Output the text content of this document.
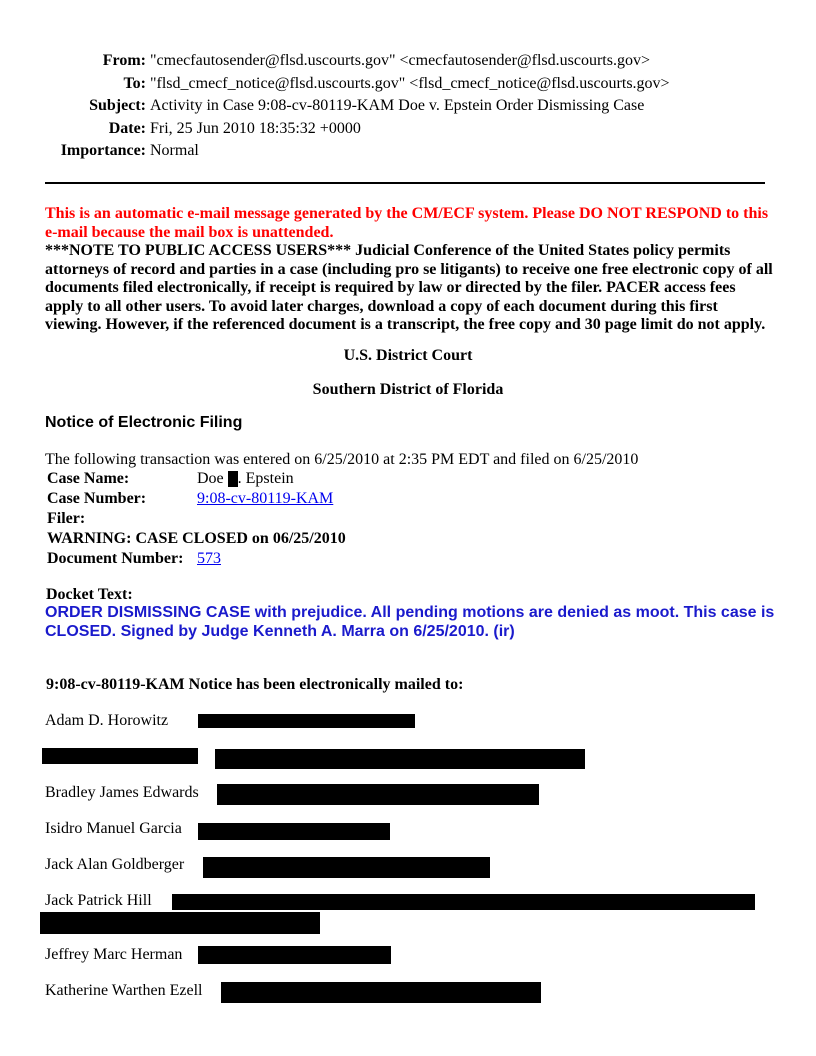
From: "cmecfautosender@flsd.uscourts.gov" <cmecfautosender@flsd.uscourts.gov>
To: "flsd_cmecf_notice@flsd.uscourts.gov" <flsd_cmecf_notice@flsd.uscourts.gov>
Subject: Activity in Case 9:08-cv-80119-KAM Doe v. Epstein Order Dismissing Case
Date: Fri, 25 Jun 2010 18:35:32 +0000
Importance: Normal
This is an automatic e-mail message generated by the CM/ECF system. Please DO NOT RESPOND to this e-mail because the mail box is unattended.
***NOTE TO PUBLIC ACCESS USERS*** Judicial Conference of the United States policy permits attorneys of record and parties in a case (including pro se litigants) to receive one free electronic copy of all documents filed electronically, if receipt is required by law or directed by the filer. PACER access fees apply to all other users. To avoid later charges, download a copy of each document during this first viewing. However, if the referenced document is a transcript, the free copy and 30 page limit do not apply.
U.S. District Court
Southern District of Florida
Notice of Electronic Filing
The following transaction was entered on 6/25/2010 at 2:35 PM EDT and filed on 6/25/2010
Case Name:	Doe . Epstein
Case Number:	9:08-cv-80119-KAM
Filer:
WARNING: CASE CLOSED on 06/25/2010
Document Number: 573
Docket Text:
ORDER DISMISSING CASE with prejudice. All pending motions are denied as moot. This case is CLOSED. Signed by Judge Kenneth A. Marra on 6/25/2010. (ir)
9:08-cv-80119-KAM Notice has been electronically mailed to:
Adam D. Horowitz
Bradley James Edwards
Isidro Manuel Garcia
Jack Alan Goldberger
Jack Patrick Hill
Jeffrey Marc Herman
Katherine Warthen Ezell
